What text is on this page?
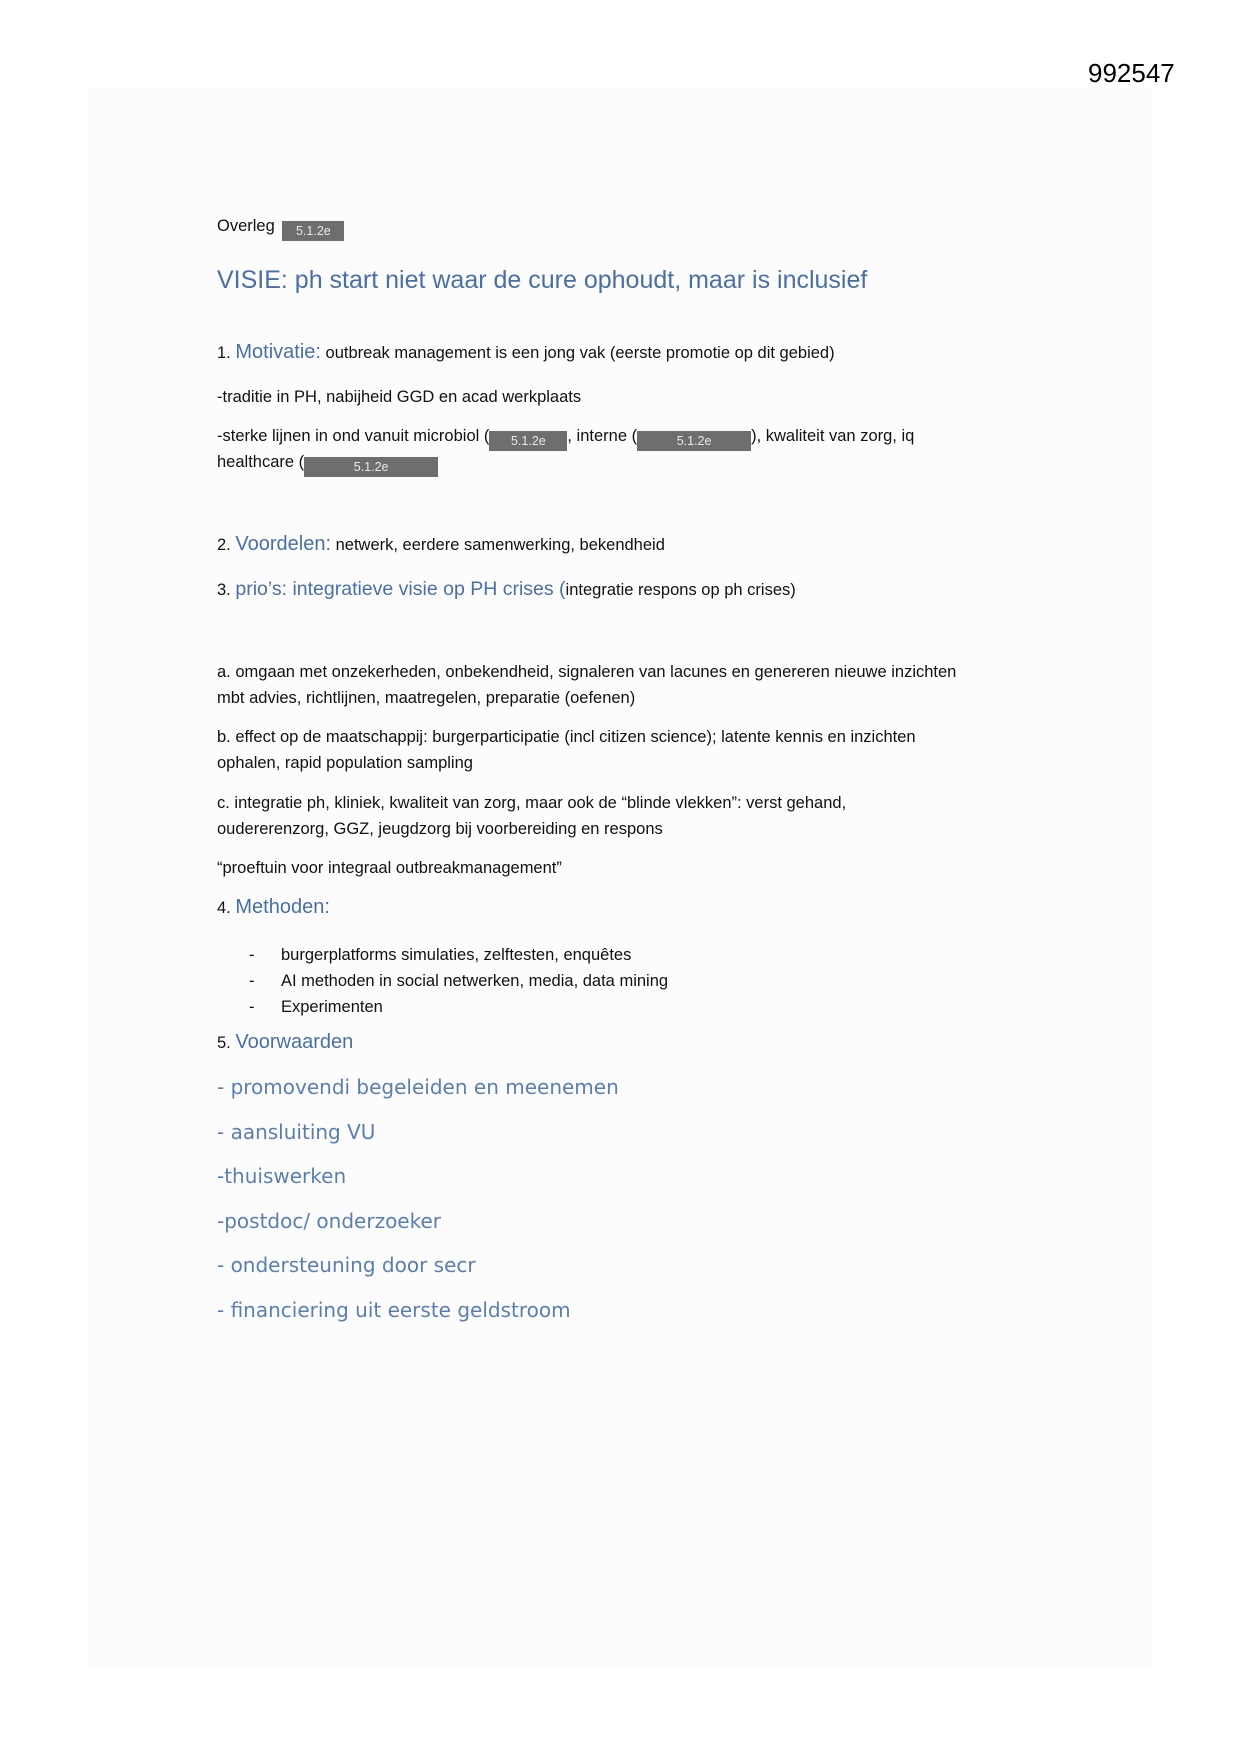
992547
Overleg 5.1.2e
VISIE: ph start niet waar de cure ophoudt, maar is inclusief
1. Motivatie: outbreak management is een jong vak (eerste promotie op dit gebied)
-traditie in PH, nabijheid GGD en acad werkplaats
-sterke lijnen in ond vanuit microbiol ( 5.1.2e , interne (	5.1.2e ), kwaliteit van zorg, iq
healthcare (	5.1.2e
2. Voordelen: netwerk, eerdere samenwerking, bekendheid
3. prio’s: integratieve visie op PH crises (integratie respons op ph crises)
a. omgaan met onzekerheden, onbekendheid, signaleren van lacunes en genereren nieuwe inzichten
mbt advies, richtlijnen, maatregelen, preparatie (oefenen)
b. effect op de maatschappij: burgerparticipatie (incl citizen science); latente kennis en inzichten
ophalen, rapid population sampling
c. integratie ph, kliniek, kwaliteit van zorg, maar ook de “blinde vlekken”: verst gehand,
oudererenzorg, GGZ, jeugdzorg bij voorbereiding en respons
“proeftuin voor integraal outbreakmanagement”
4. Methoden:
- burgerplatforms simulaties, zelftesten, enquêtes
- AI methoden in social netwerken, media, data mining
- Experimenten
5. Voorwaarden
- promovendi begeleiden en meenemen
- aansluiting VU
-thuiswerken
-postdoc/ onderzoeker
- ondersteuning door secr
- financiering uit eerste geldstroom
